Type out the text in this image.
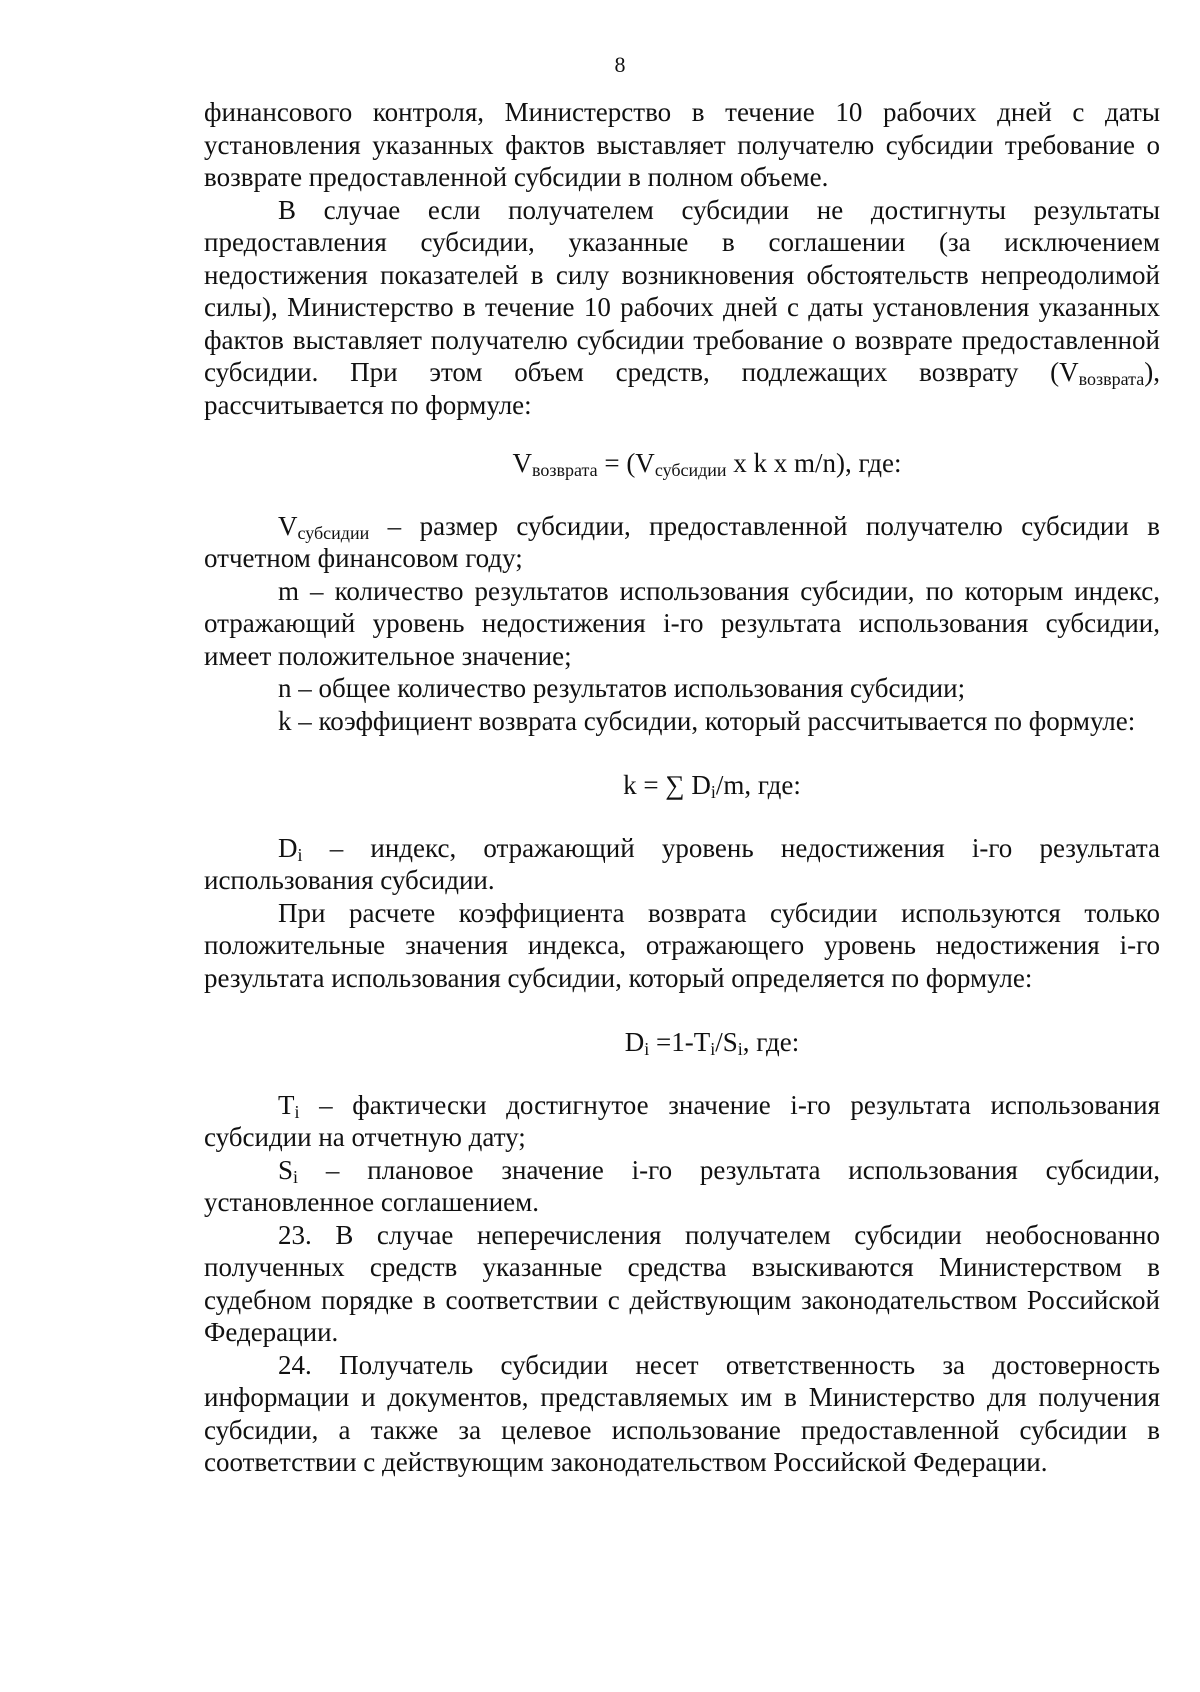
8

финансового контроля, Министерство в течение 10 рабочих дней с даты установления указанных фактов выставляет получателю субсидии требование о возврате предоставленной субсидии в полном объеме.

В случае если получателем субсидии не достигнуты результаты предоставления субсидии, указанные в соглашении (за исключением недостижения показателей в силу возникновения обстоятельств непреодолимой силы), Министерство в течение 10 рабочих дней с даты установления указанных фактов выставляет получателю субсидии требование о возврате предоставленной субсидии. При этом объем средств, подлежащих возврату $(V_{возврата})$, рассчитывается по формуле:

$V_{возврата} = (V_{субсидии}$ x k x m/n), где:

$V_{субсидии}$ – размер субсидии, предоставленной получателю субсидии в отчетном финансовом году;

m – количество результатов использования субсидии, по которым индекс, отражающий уровень недостижения i-го результата использования субсидии, имеет положительное значение;

n – общее количество результатов использования субсидии;

k – коэффициент возврата субсидии, который рассчитывается по формуле:

k = ∑ $D_i/m$, где:

$D_i$ – индекс, отражающий уровень недостижения i-го результата использования субсидии.

При расчете коэффициента возврата субсидии используются только положительные значения индекса, отражающего уровень недостижения i-го результата использования субсидии, который определяется по формуле:

$D_i =1-T_i/S_i$, где:

$T_i$ – фактически достигнутое значение i-го результата использования субсидии на отчетную дату;

$S_i$ – плановое значение i-го результата использования субсидии, установленное соглашением.

23. В случае неперечисления получателем субсидии необоснованно полученных средств указанные средства взыскиваются Министерством в судебном порядке в соответствии с действующим законодательством Российской Федерации.

24. Получатель субсидии несет ответственность за достоверность информации и документов, представляемых им в Министерство для получения субсидии, а также за целевое использование предоставленной субсидии в соответствии с действующим законодательством Российской Федерации.
